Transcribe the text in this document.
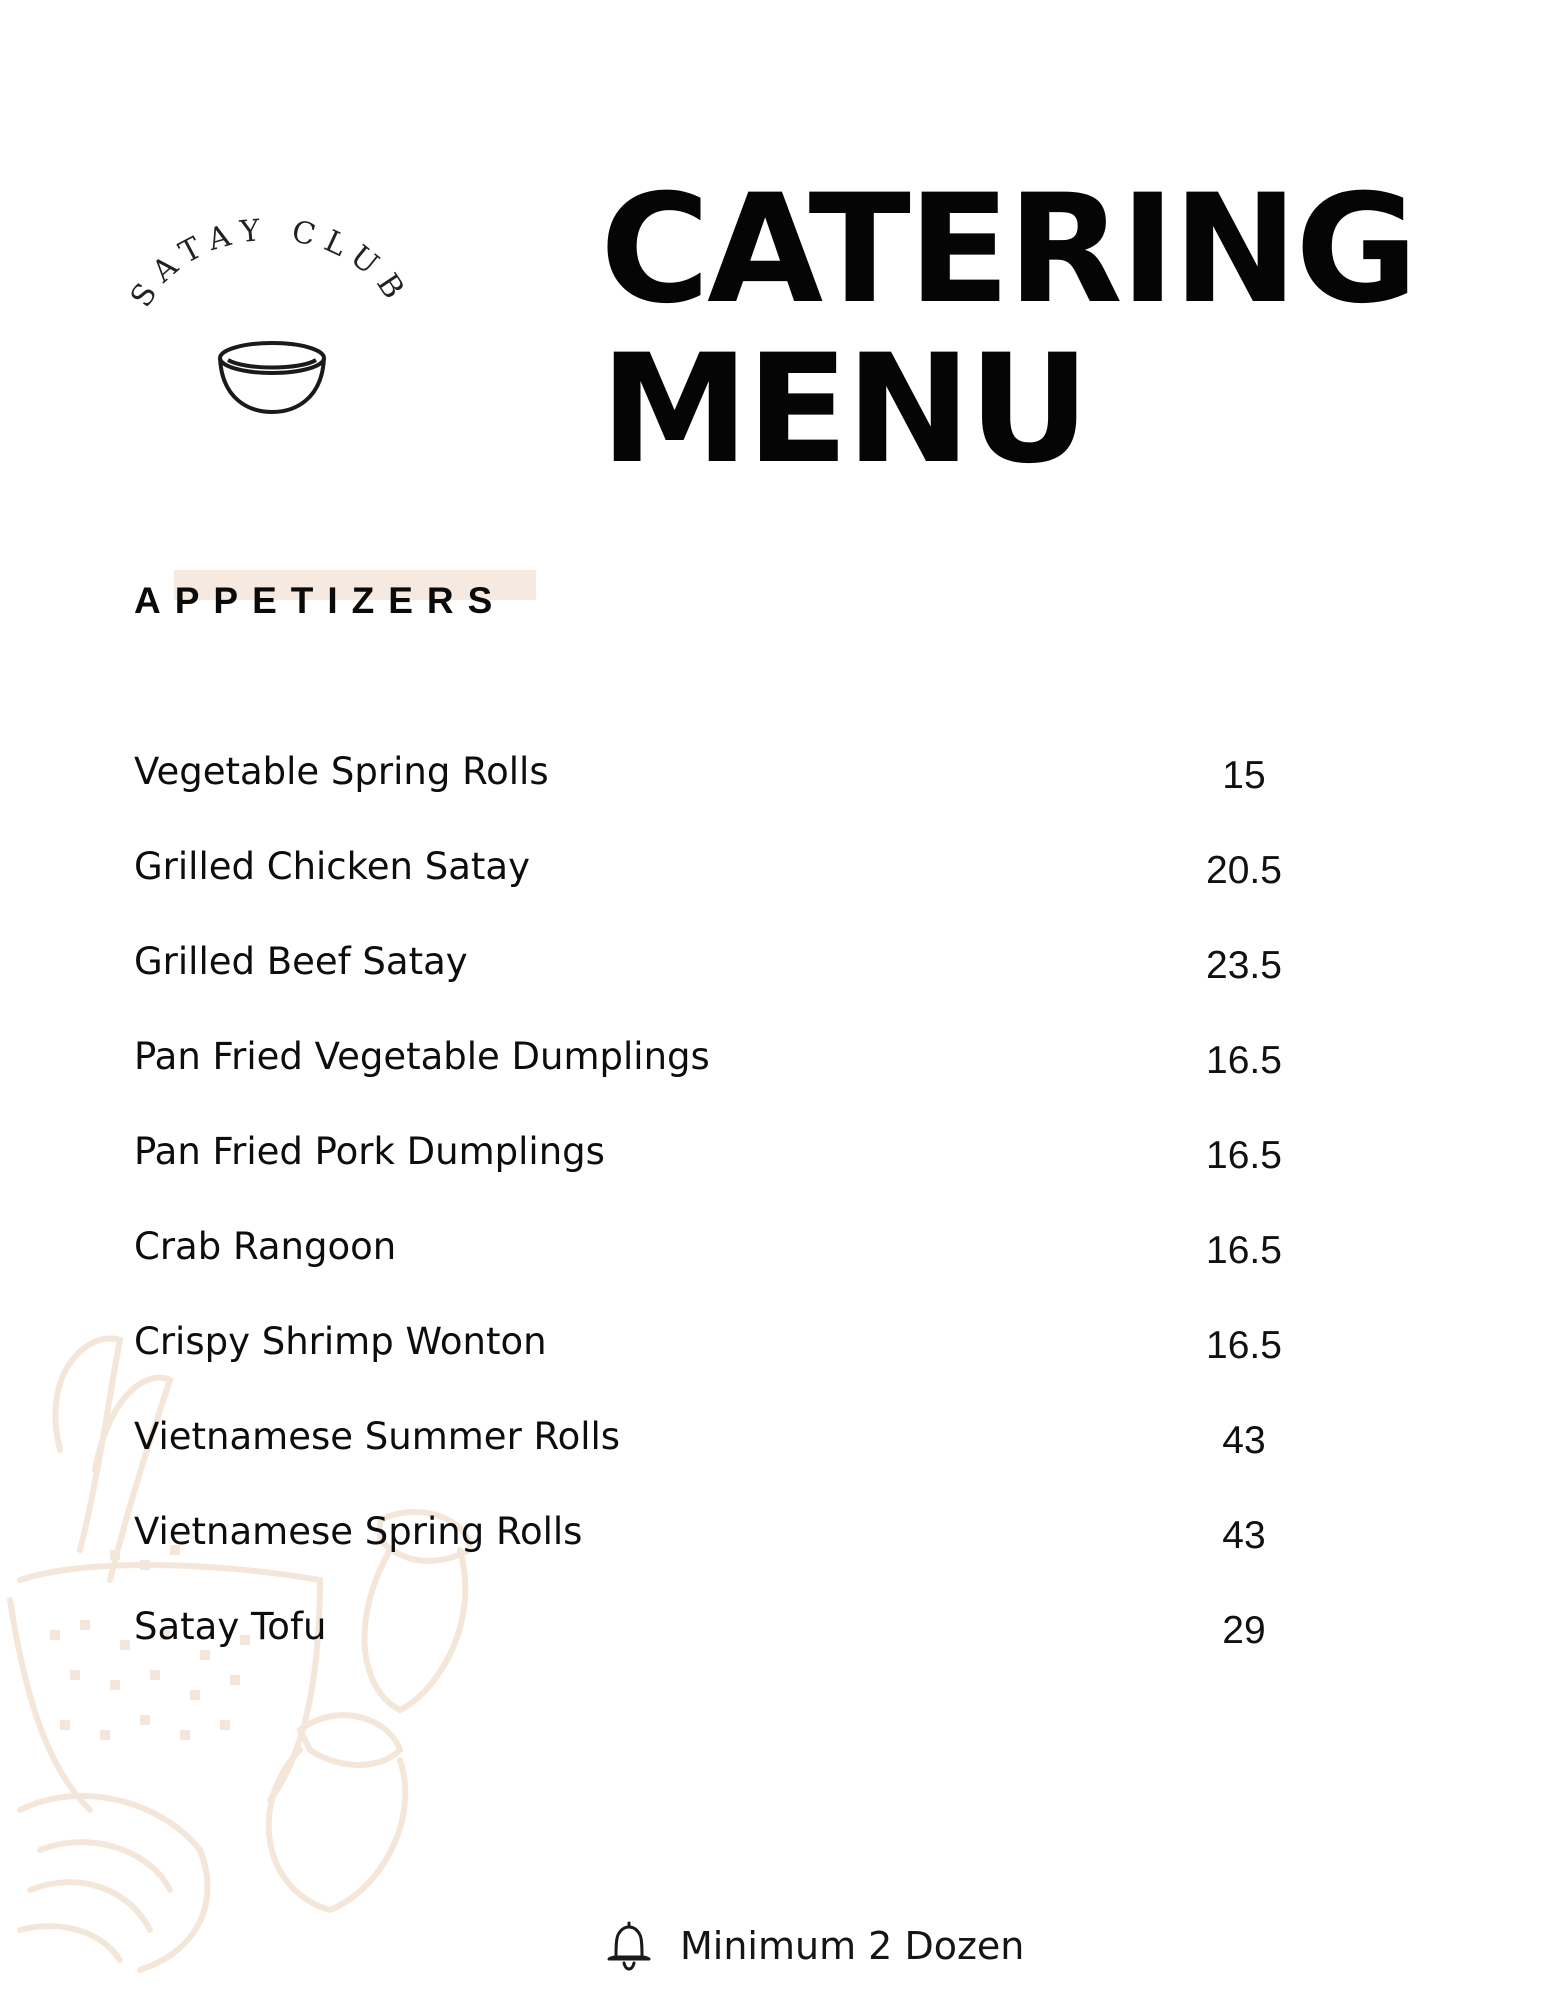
SATAY CLUB CATERING
MENU
APPETIZERS
Vegetable Spring Rolls	15
Grilled Chicken Satay	20.5
Grilled Beef Satay	23.5
Pan Fried Vegetable Dumplings	16.5
Pan Fried Pork Dumplings	16.5
Crab Rangoon	16.5
Crispy Shrimp Wonton	16.5
Vietnamese Summer Rolls	43
Vietnamese Spring Rolls	43
Satay Tofu	29
Minimum 2 Dozen
